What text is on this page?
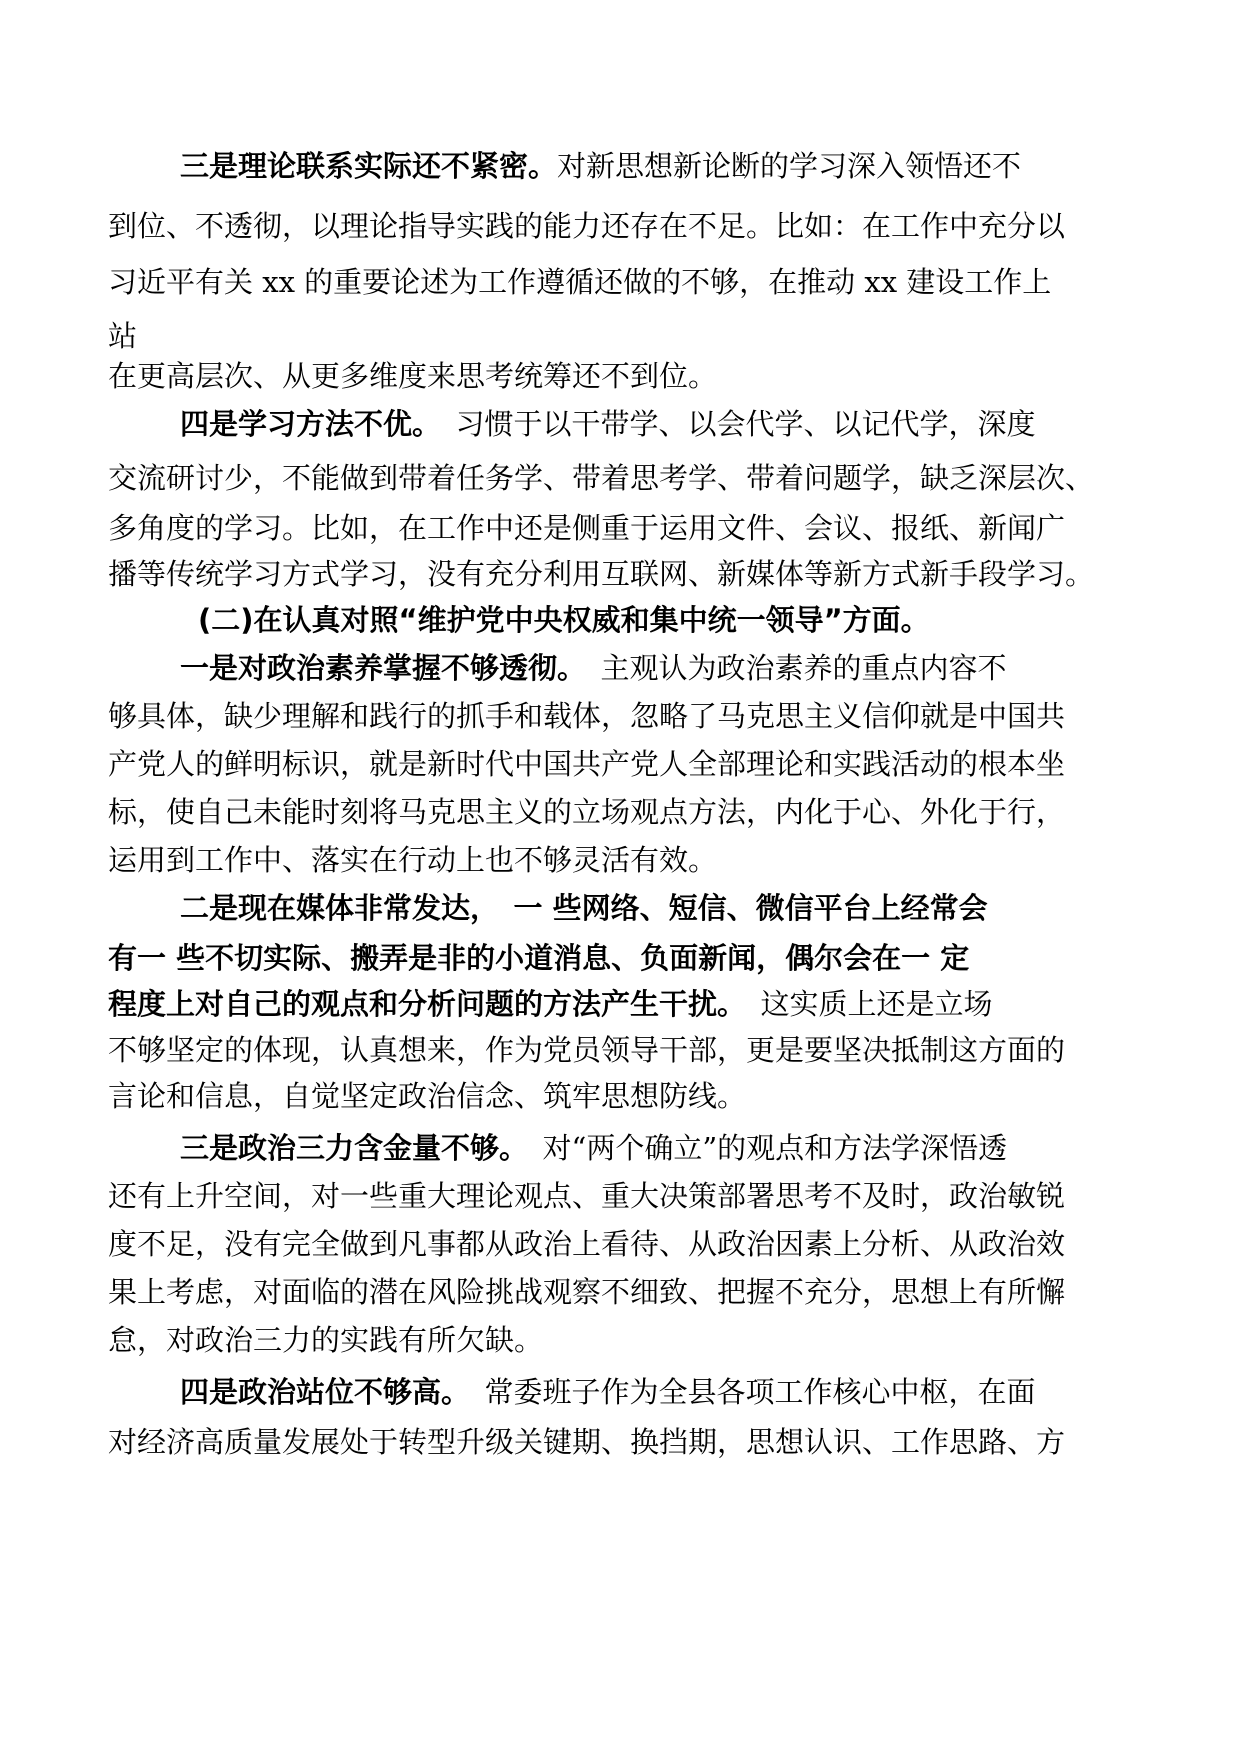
三是理论联系实际还不紧密。对新思想新论断的学习深入领悟还不
到位、不透彻，以理论指导实践的能力还存在不足。比如：在工作中充分以
习近平有关 xx 的重要论述为工作遵循还做的不够，在推动 xx 建设工作上
站
在更高层次、从更多维度来思考统筹还不到位。
四是学习方法不优。　习惯于以干带学、以会代学、以记代学，深度
交流研讨少，不能做到带着任务学、带着思考学、带着问题学，缺乏深层次、
多角度的学习。比如，在工作中还是侧重于运用文件、会议、报纸、新闻广
播等传统学习方式学习，没有充分利用互联网、新媒体等新方式新手段学习。
(二)在认真对照“维护党中央权威和集中统一领导”方面。
一是对政治素养掌握不够透彻。　主观认为政治素养的重点内容不
够具体，缺少理解和践行的抓手和载体，忽略了马克思主义信仰就是中国共
产党人的鲜明标识，就是新时代中国共产党人全部理论和实践活动的根本坐
标，使自己未能时刻将马克思主义的立场观点方法，内化于心、外化于行，
运用到工作中、落实在行动上也不够灵活有效。
二是现在媒体非常发达，　一 些网络、短信、微信平台上经常会
有一 些不切实际、搬弄是非的小道消息、负面新闻，偶尔会在一 定
程度上对自己的观点和分析问题的方法产生干扰。　这实质上还是立场
不够坚定的体现，认真想来，作为党员领导干部，更是要坚决抵制这方面的
言论和信息，自觉坚定政治信念、筑牢思想防线。
三是政治三力含金量不够。　对“两个确立”的观点和方法学深悟透
还有上升空间，对一些重大理论观点、重大决策部署思考不及时，政治敏锐
度不足，没有完全做到凡事都从政治上看待、从政治因素上分析、从政治效
果上考虑，对面临的潜在风险挑战观察不细致、把握不充分，思想上有所懈
怠，对政治三力的实践有所欠缺。
四是政治站位不够高。　常委班子作为全县各项工作核心中枢，在面
对经济高质量发展处于转型升级关键期、换挡期，思想认识、工作思路、方
